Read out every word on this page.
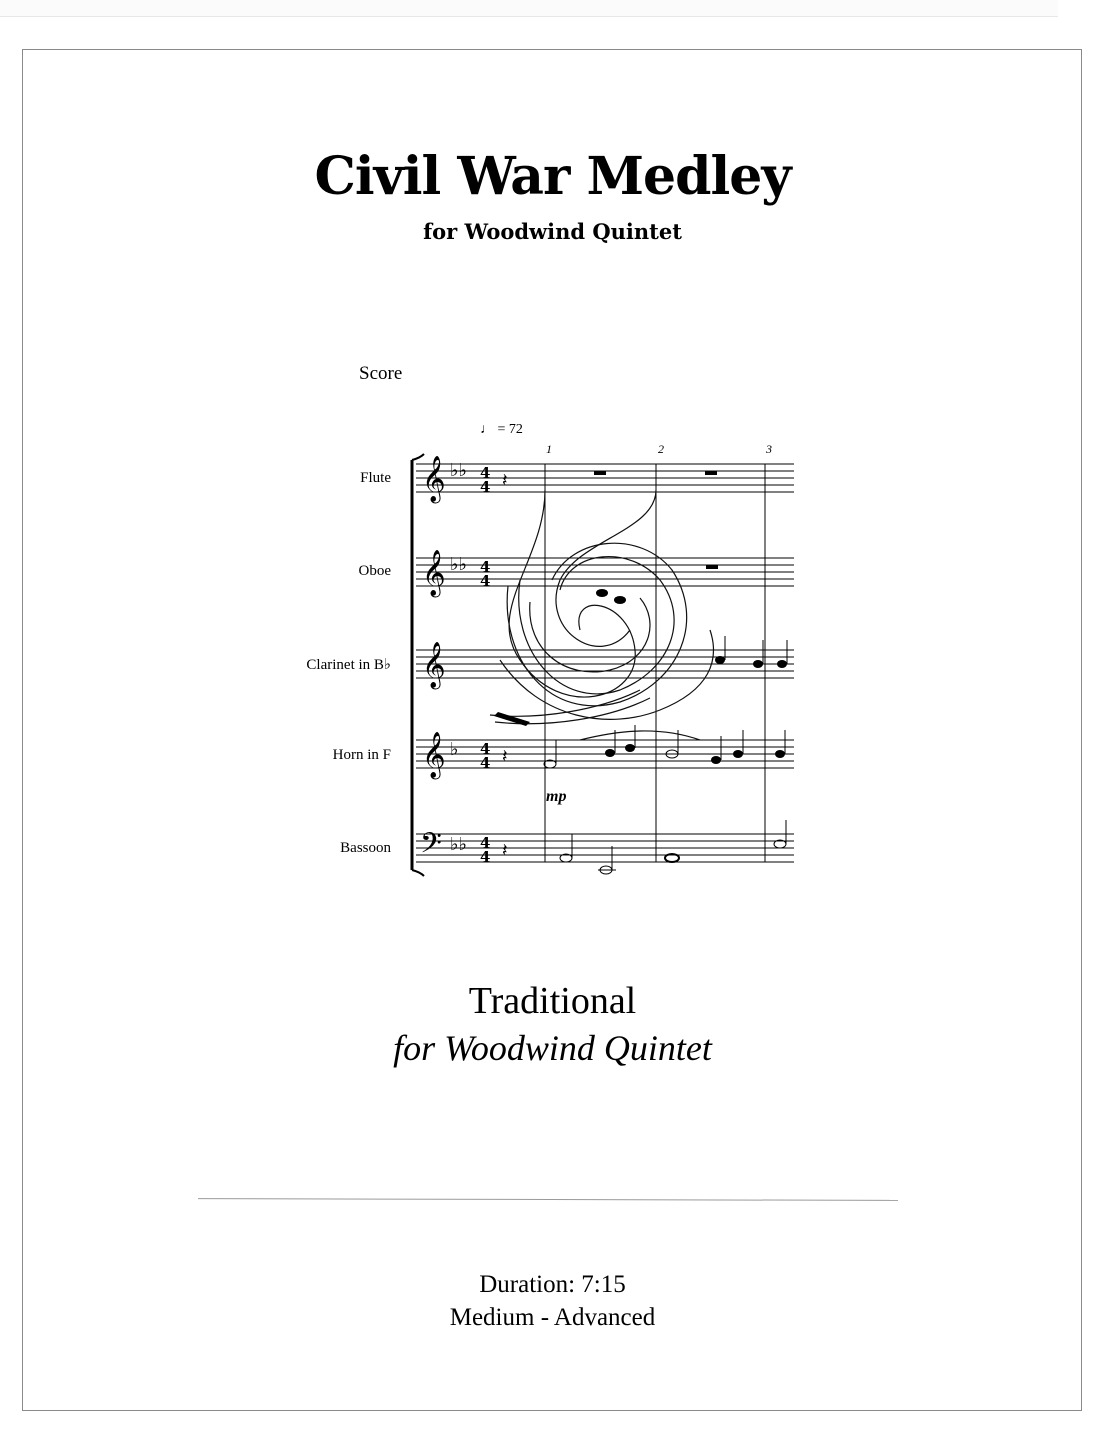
Civil War Medley
for Woodwind Quintet
Score
♩ = 72
1	2	3
Flute
Oboe
Clarinet in B♭
Horn in F
Bassoon
mp
𝄞
𝄞
𝄞
𝄞
𝄢
♭♭
♭♭
♭
♭♭
4
4
4
4
4
4
4
4
𝄽
𝄽
𝄽
Traditional
for Woodwind Quintet
Duration: 7:15
Medium - Advanced
